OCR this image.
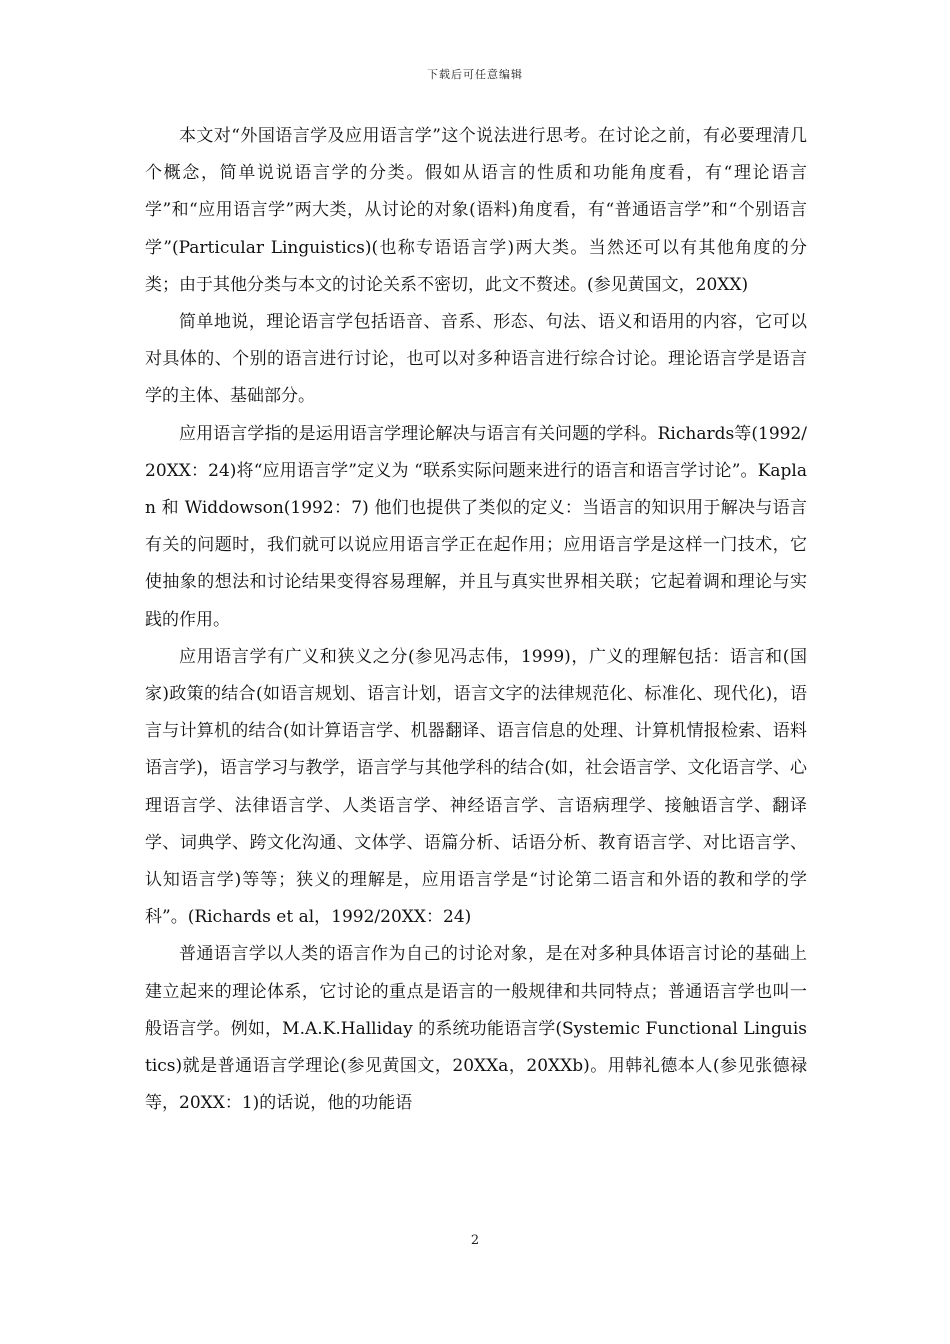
下载后可任意编辑

本文对“外国语言学及应用语言学”这个说法进行思考。在讨论之前，有必要理清几个概念，简单说说语言学的分类。假如从语言的性质和功能角度看，有“理论语言学”和“应用语言学”两大类，从讨论的对象(语料)角度看，有“普通语言学”和“个别语言学”(Particular Linguistics)(也称专语语言学)两大类。当然还可以有其他角度的分类；由于其他分类与本文的讨论关系不密切，此文不赘述。(参见黄国文，20XX)

简单地说，理论语言学包括语音、音系、形态、句法、语义和语用的内容，它可以对具体的、个别的语言进行讨论，也可以对多种语言进行综合讨论。理论语言学是语言学的主体、基础部分。

应用语言学指的是运用语言学理论解决与语言有关问题的学科。Richards等(1992/20XX：24)将“应用语言学”定义为 “联系实际问题来进行的语言和语言学讨论”。Kaplan 和 Widdowson(1992：7) 他们也提供了类似的定义：当语言的知识用于解决与语言有关的问题时，我们就可以说应用语言学正在起作用；应用语言学是这样一门技术，它使抽象的想法和讨论结果变得容易理解，并且与真实世界相关联；它起着调和理论与实践的作用。

应用语言学有广义和狭义之分(参见冯志伟，1999)，广义的理解包括：语言和(国家)政策的结合(如语言规划、语言计划，语言文字的法律规范化、标准化、现代化)，语言与计算机的结合(如计算语言学、机器翻译、语言信息的处理、计算机情报检索、语料语言学)，语言学习与教学，语言学与其他学科的结合(如，社会语言学、文化语言学、心理语言学、法律语言学、人类语言学、神经语言学、言语病理学、接触语言学、翻译学、词典学、跨文化沟通、文体学、语篇分析、话语分析、教育语言学、对比语言学、认知语言学)等等；狭义的理解是，应用语言学是“讨论第二语言和外语的教和学的学科”。(Richards et al，1992/20XX：24)

普通语言学以人类的语言作为自己的讨论对象，是在对多种具体语言讨论的基础上建立起来的理论体系，它讨论的重点是语言的一般规律和共同特点；普通语言学也叫一般语言学。例如，M.A.K.Halliday 的系统功能语言学(Systemic Functional Linguistics)就是普通语言学理论(参见黄国文，20XXa，20XXb)。用韩礼德本人(参见张德禄等，20XX：1)的话说，他的功能语

2
